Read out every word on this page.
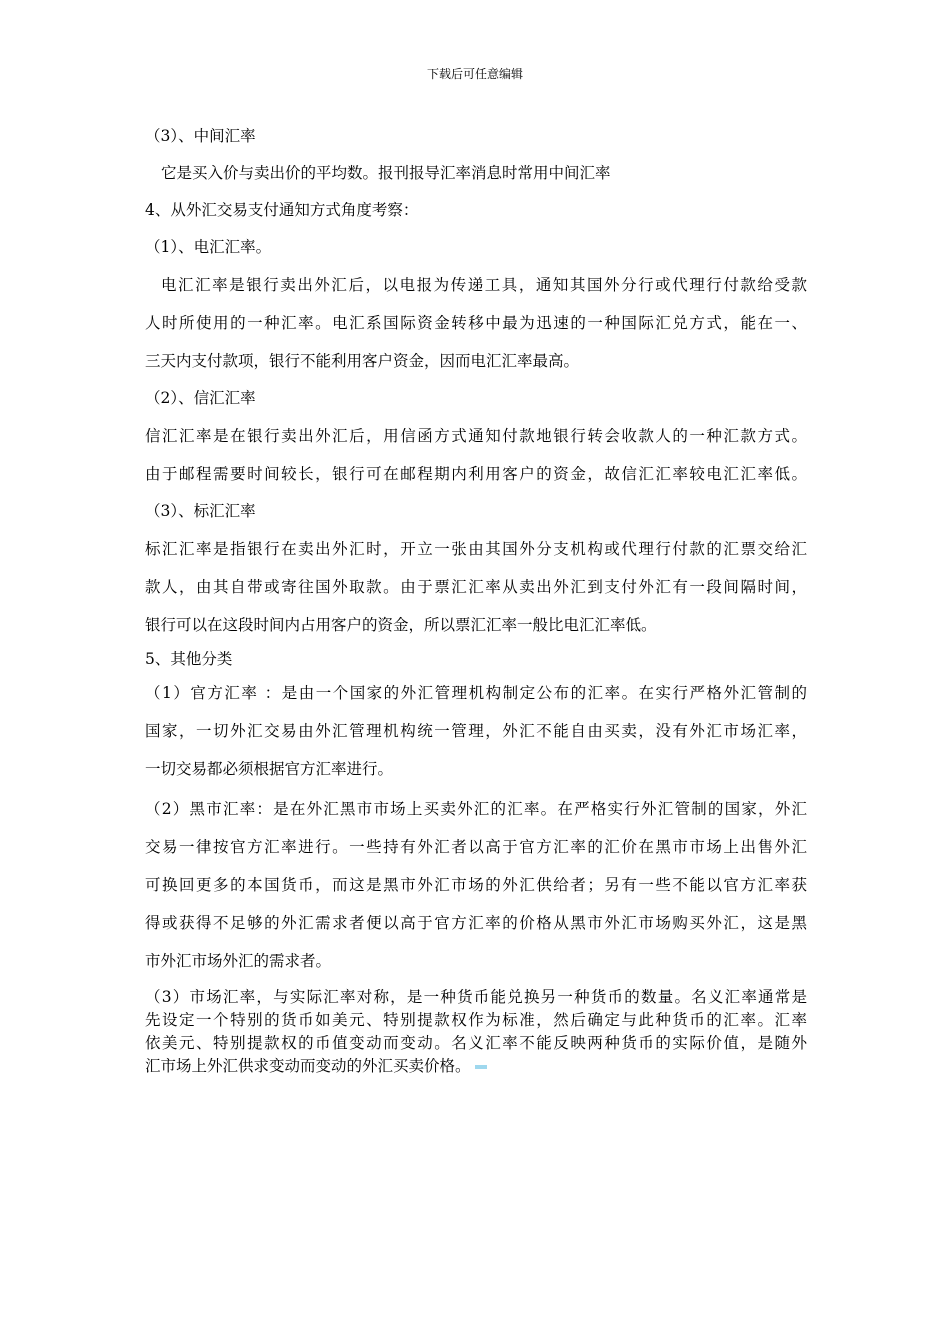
下载后可任意编辑

（3）、中间汇率

它是买入价与卖出价的平均数。报刊报导汇率消息时常用中间汇率

4、从外汇交易支付通知方式角度考察：

（1）、电汇汇率。

电汇汇率是银行卖出外汇后，以电报为传递工具，通知其国外分行或代理行付款给受款

人时所使用的一种汇率。电汇系国际资金转移中最为迅速的一种国际汇兑方式，能在一、

三天内支付款项，银行不能利用客户资金，因而电汇汇率最高。

（2）、信汇汇率

信汇汇率是在银行卖出外汇后，用信函方式通知付款地银行转会收款人的一种汇款方式。

由于邮程需要时间较长，银行可在邮程期内利用客户的资金，故信汇汇率较电汇汇率低。

（3）、标汇汇率

标汇汇率是指银行在卖出外汇时，开立一张由其国外分支机构或代理行付款的汇票交给汇

款人，由其自带或寄往国外取款。由于票汇汇率从卖出外汇到支付外汇有一段间隔时间，

银行可以在这段时间内占用客户的资金，所以票汇汇率一般比电汇汇率低。

5、其他分类

（1）官方汇率 ：是由一个国家的外汇管理机构制定公布的汇率。在实行严格外汇管制的

国家，一切外汇交易由外汇管理机构统一管理，外汇不能自由买卖，没有外汇市场汇率，

一切交易都必须根据官方汇率进行。

（2）黑市汇率：是在外汇黑市市场上买卖外汇的汇率。在严格实行外汇管制的国家，外汇

交易一律按官方汇率进行。一些持有外汇者以高于官方汇率的汇价在黑市市场上出售外汇

可换回更多的本国货币，而这是黑市外汇市场的外汇供给者；另有一些不能以官方汇率获

得或获得不足够的外汇需求者便以高于官方汇率的价格从黑市外汇市场购买外汇，这是黑

市外汇市场外汇的需求者。

（3）市场汇率，与实际汇率对称，是一种货币能兑换另一种货币的数量。名义汇率通常是

先设定一个特别的货币如美元、特别提款权作为标准，然后确定与此种货币的汇率。汇率

依美元、特别提款权的币值变动而变动。名义汇率不能反映两种货币的实际价值，是随外

汇市场上外汇供求变动而变动的外汇买卖价格。
